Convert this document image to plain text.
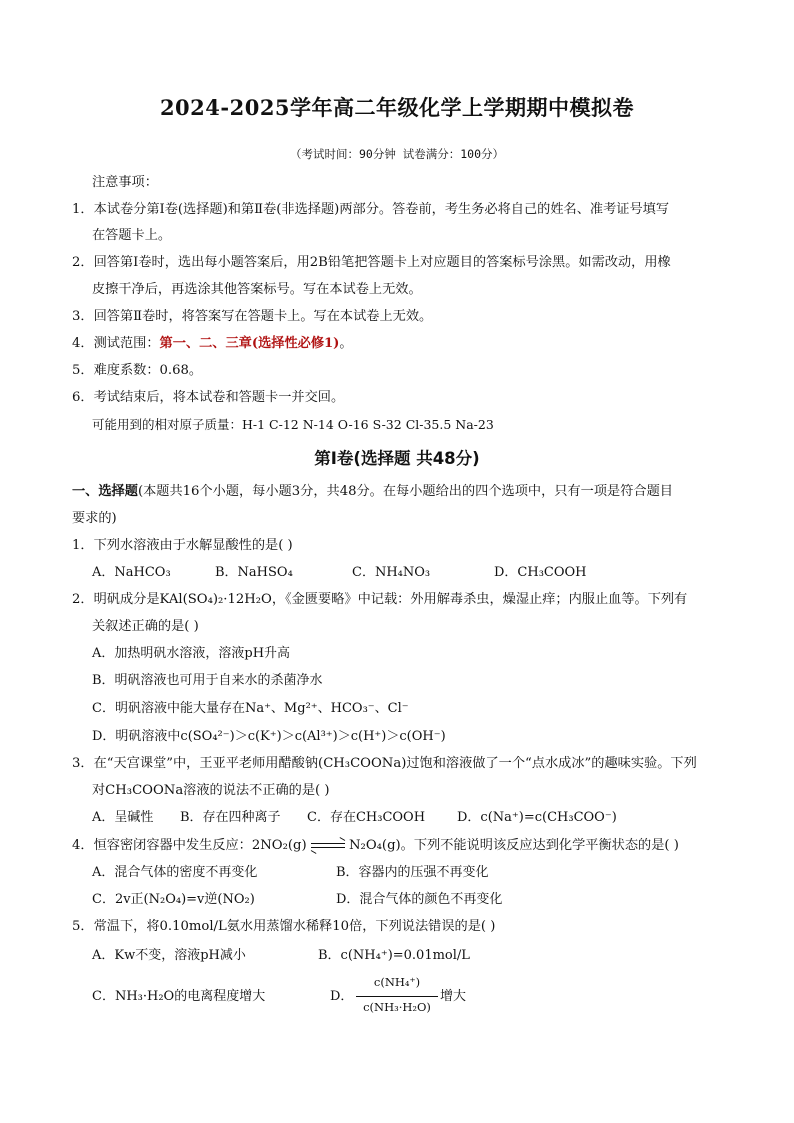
2024-2025学年高二年级化学上学期期中模拟卷
（考试时间：90分钟 试卷满分：100分）
注意事项：
1．本试卷分第Ⅰ卷(选择题)和第Ⅱ卷(非选择题)两部分。答卷前，考生务必将自己的姓名、准考证号填写
在答题卡上。
2．回答第Ⅰ卷时，选出每小题答案后，用2B铅笔把答题卡上对应题目的答案标号涂黑。如需改动，用橡
皮擦干净后，再选涂其他答案标号。写在本试卷上无效。
3．回答第Ⅱ卷时，将答案写在答题卡上。写在本试卷上无效。
4．测试范围：第一、二、三章(选择性必修1)。
5．难度系数：0.68。
6．考试结束后，将本试卷和答题卡一并交回。
可能用到的相对原子质量：H-1 C-12 N-14 O-16 S-32 Cl-35.5 Na-23
第Ⅰ卷(选择题 共48分)
一、选择题(本题共16个小题，每小题3分，共48分。在每小题给出的四个选项中，只有一项是符合题目
要求的)
1．下列水溶液由于水解显酸性的是( )
A．NaHCO₃	B．NaHSO₄	C．NH₄NO₃	D．CH₃COOH
2．明矾成分是KAl(SO₄)₂·12H₂O，《金匮要略》中记载：外用解毒杀虫，燥湿止痒；内服止血等。下列有
关叙述正确的是( )
A．加热明矾水溶液，溶液pH升高
B．明矾溶液也可用于自来水的杀菌净水
C．明矾溶液中能大量存在Na⁺、Mg²⁺、HCO₃⁻、Cl⁻
D．明矾溶液中c(SO₄²⁻)＞c(K⁺)＞c(Al³⁺)＞c(H⁺)＞c(OH⁻)
3．在“天宫课堂”中，王亚平老师用醋酸钠(CH₃COONa)过饱和溶液做了一个“点水成冰”的趣味实验。下列
对CH₃COONa溶液的说法不正确的是( )
A．呈碱性 B．存在四种离子 C．存在CH₃COOH D．c(Na⁺)=c(CH₃COO⁻)
4．恒容密闭容器中发生反应：2NO₂(g) ⇌ N₂O₄(g)。下列不能说明该反应达到化学平衡状态的是( )
A．混合气体的密度不再变化	B．容器内的压强不再变化
C．2v正(N₂O₄)=v逆(NO₂)	D．混合气体的颜色不再变化
5．常温下，将0.10mol/L氨水用蒸馏水稀释10倍，下列说法错误的是( )
A．Kw不变，溶液pH减小	B．c(NH₄⁺)=0.01mol/L
C．NH₃·H₂O的电离程度增大	D．
c(NH₄⁺)
c(NH₃·H₂O)
增大
